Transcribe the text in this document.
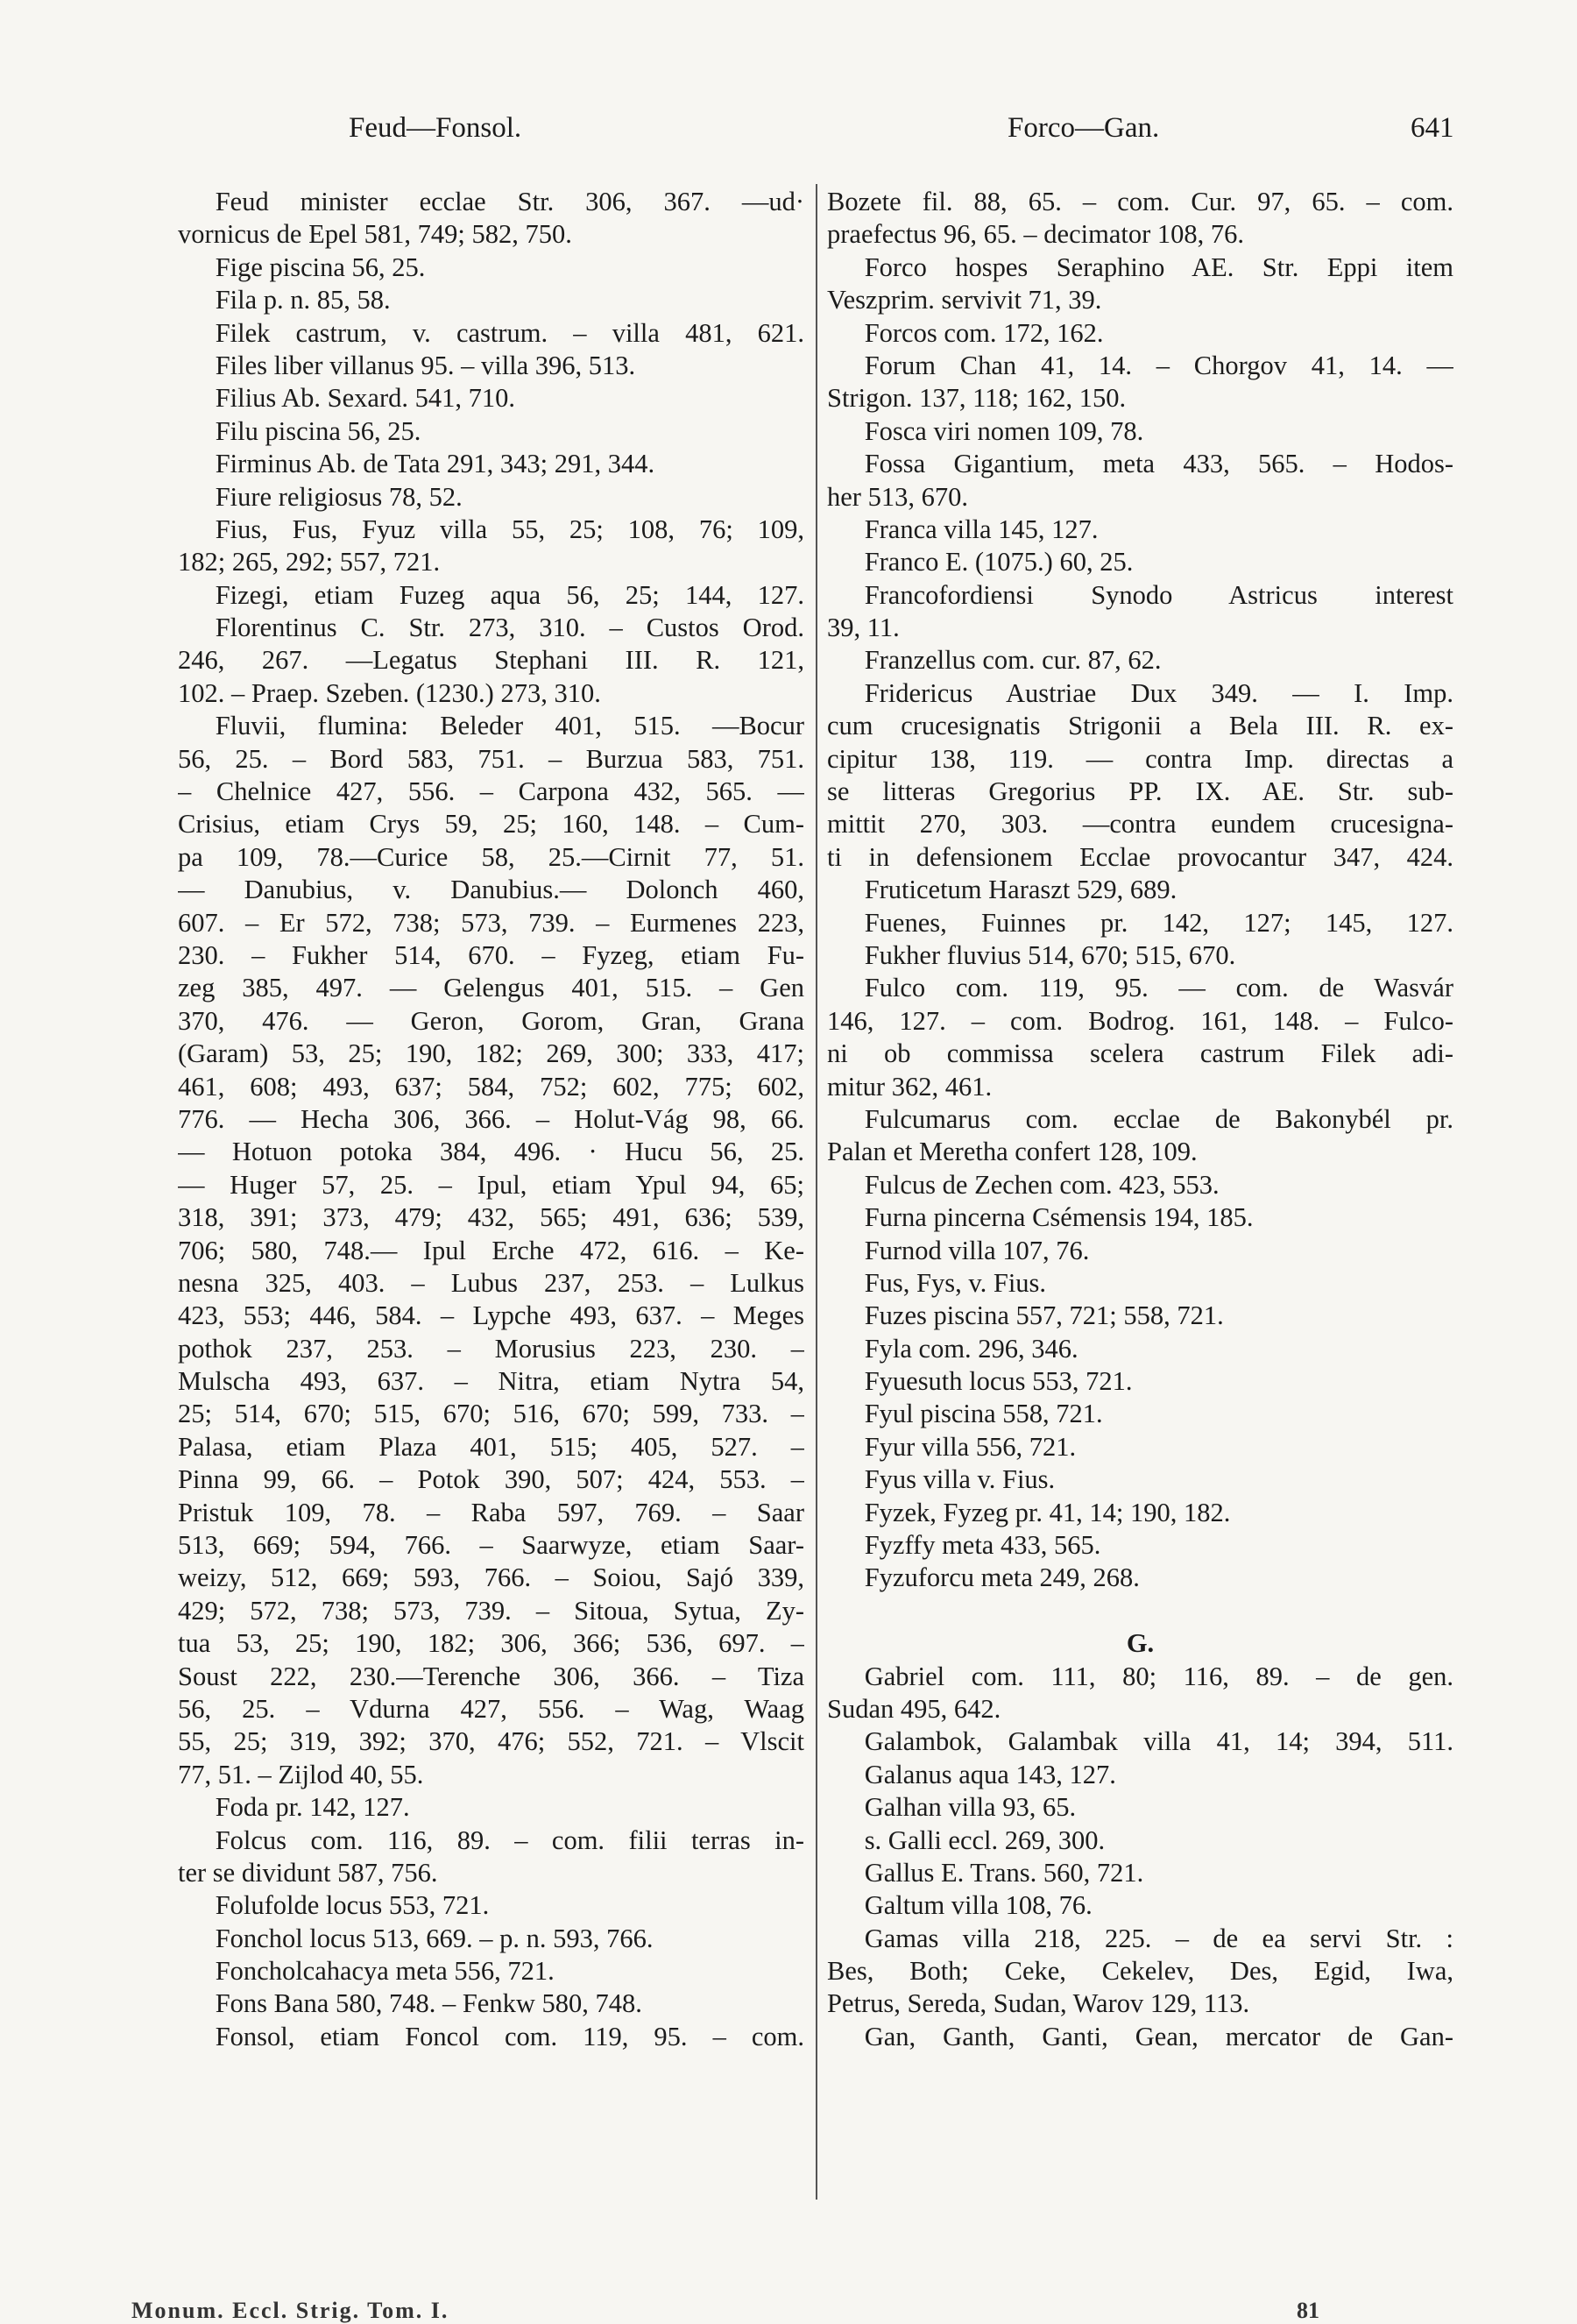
Feud—Fonsol.	Forco—Gan.	641
Feud minister ecclae Str. 306, 367. —ud·
vornicus de Epel 581, 749; 582, 750.
Fige piscina 56, 25.
Fila p. n. 85, 58.
Filek castrum, v. castrum. – villa 481, 621.
Files liber villanus 95. – villa 396, 513.
Filius Ab. Sexard. 541, 710.
Filu piscina 56, 25.
Firminus Ab. de Tata 291, 343; 291, 344.
Fiure religiosus 78, 52.
Fius, Fus, Fyuz villa 55, 25; 108, 76; 109,
182; 265, 292; 557, 721.
Fizegi, etiam Fuzeg aqua 56, 25; 144, 127.
Florentinus C. Str. 273, 310. – Custos Orod.
246, 267. —Legatus Stephani III. R. 121,
102. – Praep. Szeben. (1230.) 273, 310.
Fluvii, flumina: Beleder 401, 515. —Bocur
56, 25. – Bord 583, 751. – Burzua 583, 751.
– Chelnice 427, 556. – Carpona 432, 565. —
Crisius, etiam Crys 59, 25; 160, 148. – Cum-
pa 109, 78.—Curice 58, 25.—Cirnit 77, 51.
— Danubius, v. Danubius.— Dolonch 460,
607. – Er 572, 738; 573, 739. – Eurmenes 223,
230. – Fukher 514, 670. – Fyzeg, etiam Fu-
zeg 385, 497. — Gelengus 401, 515. – Gen
370, 476. — Geron, Gorom, Gran, Grana
(Garam) 53, 25; 190, 182; 269, 300; 333, 417;
461, 608; 493, 637; 584, 752; 602, 775; 602,
776. — Hecha 306, 366. – Holut-Vág 98, 66.
— Hotuon potoka 384, 496. · Hucu 56, 25.
— Huger 57, 25. – Ipul, etiam Ypul 94, 65;
318, 391; 373, 479; 432, 565; 491, 636; 539,
706; 580, 748.— Ipul Erche 472, 616. – Ke-
nesna 325, 403. – Lubus 237, 253. – Lulkus
423, 553; 446, 584. – Lypche 493, 637. – Meges
pothok 237, 253. – Morusius 223, 230. –
Mulscha 493, 637. – Nitra, etiam Nytra 54,
25; 514, 670; 515, 670; 516, 670; 599, 733. –
Palasa, etiam Plaza 401, 515; 405, 527. –
Pinna 99, 66. – Potok 390, 507; 424, 553. –
Pristuk 109, 78. – Raba 597, 769. – Saar
513, 669; 594, 766. – Saarwyze, etiam Saar-
weizy, 512, 669; 593, 766. – Soiou, Sajó 339,
429; 572, 738; 573, 739. – Sitoua, Sytua, Zy-
tua 53, 25; 190, 182; 306, 366; 536, 697. –
Soust 222, 230.—Terenche 306, 366. – Tiza
56, 25. – Vdurna 427, 556. – Wag, Waag
55, 25; 319, 392; 370, 476; 552, 721. – Vlscit
77, 51. – Zijlod 40, 55.
Foda pr. 142, 127.
Folcus com. 116, 89. – com. filii terras in-
ter se dividunt 587, 756.
Folufolde locus 553, 721.
Fonchol locus 513, 669. – p. n. 593, 766.
Foncholcahacya meta 556, 721.
Fons Bana 580, 748. – Fenkw 580, 748.
Fonsol, etiam Foncol com. 119, 95. – com.
Bozete fil. 88, 65. – com. Cur. 97, 65. – com.
praefectus 96, 65. – decimator 108, 76.
Forco hospes Seraphino AE. Str. Eppi item
Veszprim. servivit 71, 39.
Forcos com. 172, 162.
Forum Chan 41, 14. – Chorgov 41, 14. —
Strigon. 137, 118; 162, 150.
Fosca viri nomen 109, 78.
Fossa Gigantium, meta 433, 565. – Hodos-
her 513, 670.
Franca villa 145, 127.
Franco E. (1075.) 60, 25.
Francofordiensi Synodo Astricus interest
39, 11.
Franzellus com. cur. 87, 62.
Fridericus Austriae Dux 349. — I. Imp.
cum crucesignatis Strigonii a Bela III. R. ex-
cipitur 138, 119. — contra Imp. directas a
se litteras Gregorius PP. IX. AE. Str. sub-
mittit 270, 303. —contra eundem crucesigna-
ti in defensionem Ecclae provocantur 347, 424.
Fruticetum Haraszt 529, 689.
Fuenes, Fuinnes pr. 142, 127; 145, 127.
Fukher fluvius 514, 670; 515, 670.
Fulco com. 119, 95. — com. de Wasvár
146, 127. – com. Bodrog. 161, 148. – Fulco-
ni ob commissa scelera castrum Filek adi-
mitur 362, 461.
Fulcumarus com. ecclae de Bakonybél pr.
Palan et Meretha confert 128, 109.
Fulcus de Zechen com. 423, 553.
Furna pincerna Csémensis 194, 185.
Furnod villa 107, 76.
Fus, Fys, v. Fius.
Fuzes piscina 557, 721; 558, 721.
Fyla com. 296, 346.
Fyuesuth locus 553, 721.
Fyul piscina 558, 721.
Fyur villa 556, 721.
Fyus villa v. Fius.
Fyzek, Fyzeg pr. 41, 14; 190, 182.
Fyzffy meta 433, 565.
Fyzuforcu meta 249, 268.
G.
Gabriel com. 111, 80; 116, 89. – de gen.
Sudan 495, 642.
Galambok, Galambak villa 41, 14; 394, 511.
Galanus aqua 143, 127.
Galhan villa 93, 65.
s. Galli eccl. 269, 300.
Gallus E. Trans. 560, 721.
Galtum villa 108, 76.
Gamas villa 218, 225. – de ea servi Str. :
Bes, Both; Ceke, Cekelev, Des, Egid, Iwa,
Petrus, Sereda, Sudan, Warov 129, 113.
Gan, Ganth, Ganti, Gean, mercator de Gan-
Monum. Eccl. Strig. Tom. I.	81
